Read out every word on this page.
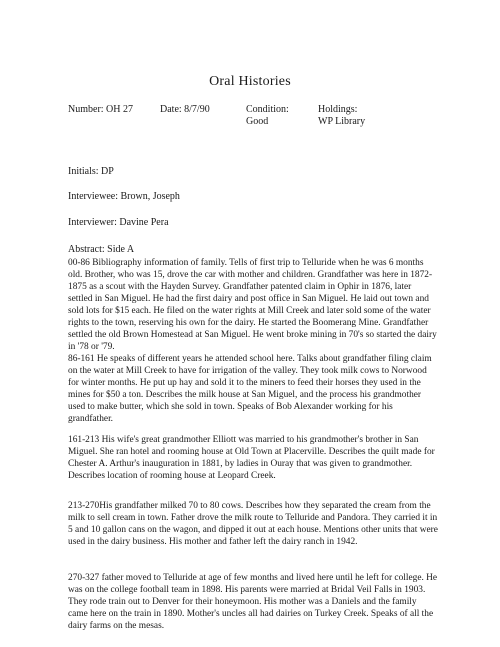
Oral Histories
Number: OH 27	Date: 8/7/90	Condition:
Good
Holdings:
WP Library
Initials: DP
Interviewee: Brown, Joseph
Interviewer: Davine Pera
Abstract: Side A
00-86 Bibliography information of family. Tells of first trip to Telluride when he was 6 months old. Brother, who was 15, drove the car with mother and children. Grandfather was here in 1872-1875 as a scout with the Hayden Survey. Grandfather patented claim in Ophir in 1876, later settled in San Miguel. He had the first dairy and post office in San Miguel. He laid out town and sold lots for $15 each. He filed on the water rights at Mill Creek and later sold some of the water rights to the town, reserving his own for the dairy. He started the Boomerang Mine. Grandfather settled the old Brown Homestead at San Miguel. He went broke mining in 70's so started the dairy in '78 or '79.
86-161 He speaks of different years he attended school here. Talks about grandfather filing claim on the water at Mill Creek to have for irrigation of the valley. They took milk cows to Norwood for winter months. He put up hay and sold it to the miners to feed their horses they used in the mines for $50 a ton. Describes the milk house at San Miguel, and the process his grandmother used to make butter, which she sold in town. Speaks of Bob Alexander working for his grandfather.
161-213 His wife's great grandmother Elliott was married to his grandmother's brother in San Miguel. She ran hotel and rooming house at Old Town at Placerville. Describes the quilt made for Chester A. Arthur's inauguration in 1881, by ladies in Ouray that was given to grandmother. Describes location of rooming house at Leopard Creek.
213-270His grandfather milked 70 to 80 cows. Describes how they separated the cream from the milk to sell cream in town. Father drove the milk route to Telluride and Pandora. They carried it in 5 and 10 gallon cans on the wagon, and dipped it out at each house. Mentions other units that were used in the dairy business. His mother and father left the dairy ranch in 1942.
270-327 father moved to Telluride at age of few months and lived here until he left for college. He was on the college football team in 1898. His parents were married at Bridal Veil Falls in 1903. They rode train out to Denver for their honeymoon. His mother was a Daniels and the family came here on the train in 1890. Mother's uncles all had dairies on Turkey Creek. Speaks of all the dairy farms on the mesas.
